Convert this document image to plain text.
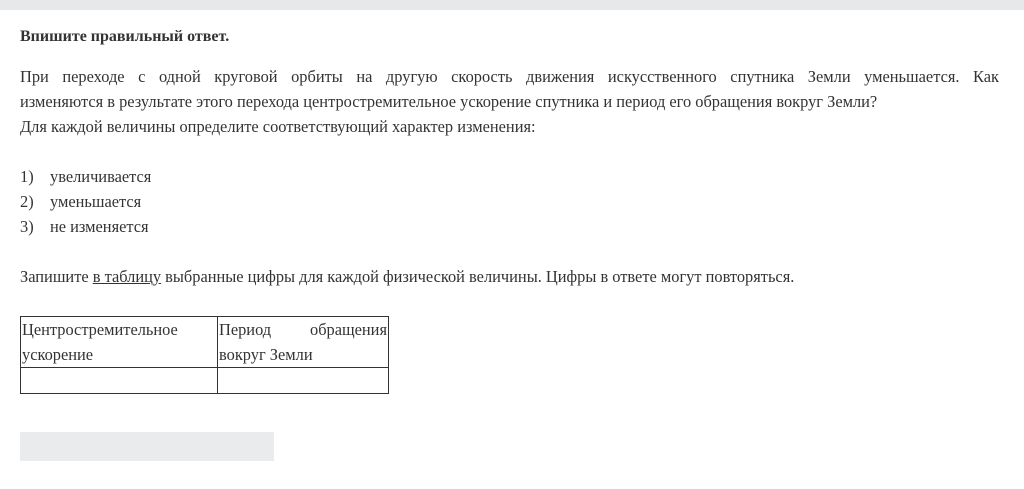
Впишите правильный ответ.

При переходе с одной круговой орбиты на другую скорость движения искусственного спутника Земли уменьшается. Как
изменяются в результате этого перехода центростремительное ускорение спутника и период его обращения вокруг Земли?
Для каждой величины определите соответствующий характер изменения:

1) увеличивается
2) уменьшается
3) не изменяется

Запишите в таблицу выбранные цифры для каждой физической величины. Цифры в ответе могут повторяться.

Центростремительное
ускорение	Период обращения
вокруг Земли
